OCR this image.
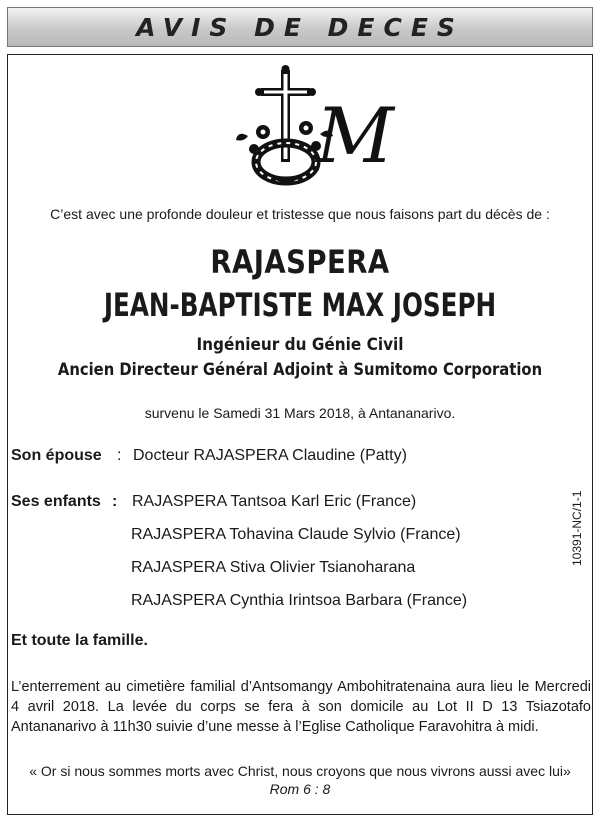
AVIS DE DECES
M
C’est avec une profonde douleur et tristesse que nous faisons part du décès de :
RAJASPERA
JEAN-BAPTISTE MAX JOSEPH
Ingénieur du Génie Civil
Ancien Directeur Général Adjoint à Sumitomo Corporation
survenu le Samedi 31 Mars 2018, à Antananarivo.
Son épouse : Docteur RAJASPERA Claudine (Patty)
Ses enfants : RAJASPERA Tantsoa Karl Eric (France)
RAJASPERA Tohavina Claude Sylvio (France)
RAJASPERA Stiva Olivier Tsianoharana
RAJASPERA Cynthia Irintsoa Barbara (France)
Et toute la famille.
L’enterrement au cimetière familial d’Antsomangy Ambohitratenaina aura lieu le Mercredi 4 avril 2018. La levée du corps se fera à son domicile au Lot II D 13 Tsiazotafo Antananarivo à 11h30 suivie d’une messe à l’Eglise Catholique Faravohitra à midi.
« Or si nous sommes morts avec Christ, nous croyons que nous vivrons aussi avec lui»
Rom 6 : 8
10391-NC/1-1
